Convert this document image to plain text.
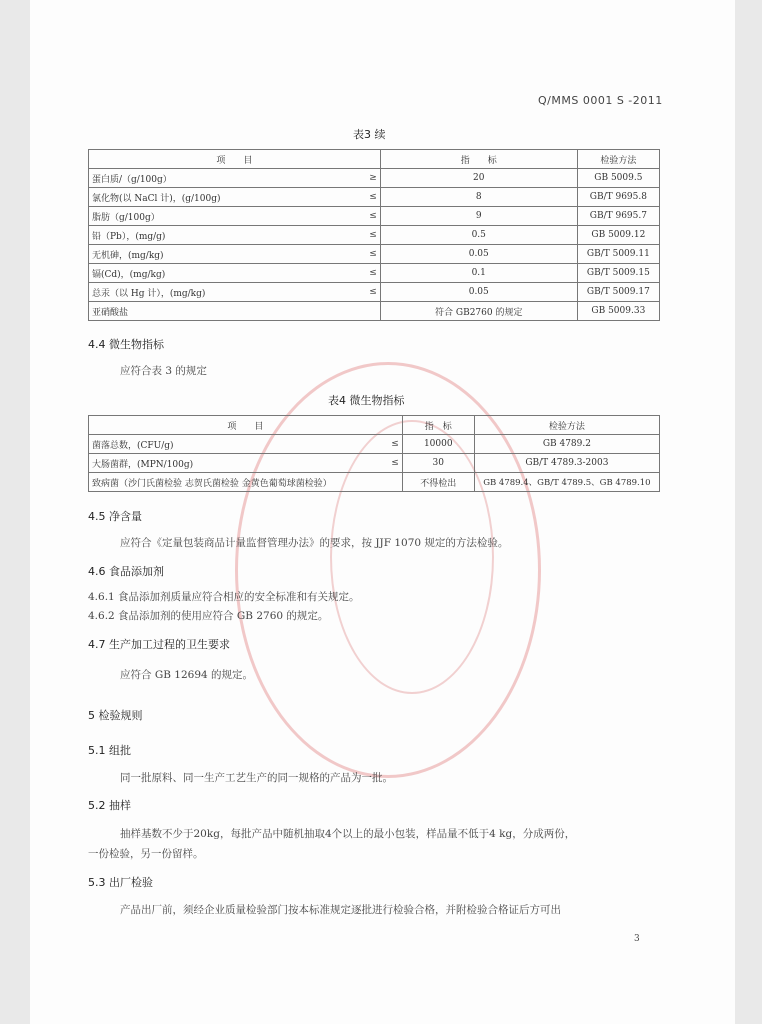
Q/MMS 0001 S -2011
表3 续
项　　目		指　　标	检验方法
蛋白质/（g/100g）	≥	20	GB 5009.5
氯化物(以 NaCl 计)，(g/100g)	≤	8	GB/T 9695.8
脂肪（g/100g）	≤	9	GB/T 9695.7
铅（Pb），(mg/g)	≤	0.5	GB 5009.12
无机砷，(mg/kg)	≤	0.05	GB/T 5009.11
镉(Cd)，(mg/kg)	≤	0.1	GB/T 5009.15
总汞（以 Hg 计），(mg/kg)	≤	0.05	GB/T 5009.17
亚硝酸盐		符合 GB2760 的规定	GB 5009.33
4.4 微生物指标
应符合表 3 的规定
表4 微生物指标
项　　目		指　标	检验方法
菌落总数，(CFU/g)	≤	10000	GB 4789.2
大肠菌群，(MPN/100g)	≤	30	GB/T 4789.3-2003
致病菌（沙门氏菌检验 志贺氏菌检验 金黄色葡萄球菌检验）		不得检出	GB 4789.4、GB/T 4789.5、GB 4789.10
4.5 净含量
应符合《定量包装商品计量监督管理办法》的要求，按 JJF 1070 规定的方法检验。
4.6 食品添加剂
4.6.1 食品添加剂质量应符合相应的安全标准和有关规定。
4.6.2 食品添加剂的使用应符合 GB 2760 的规定。
4.7 生产加工过程的卫生要求
应符合 GB 12694 的规定。
5 检验规则
5.1 组批
同一批原料、同一生产工艺生产的同一规格的产品为一批。
5.2 抽样
抽样基数不少于20kg，每批产品中随机抽取4个以上的最小包装，样品量不低于4 kg，分成两份，
一份检验，另一份留样。
5.3 出厂检验
产品出厂前，须经企业质量检验部门按本标准规定逐批进行检验合格，并附检验合格证后方可出
3
